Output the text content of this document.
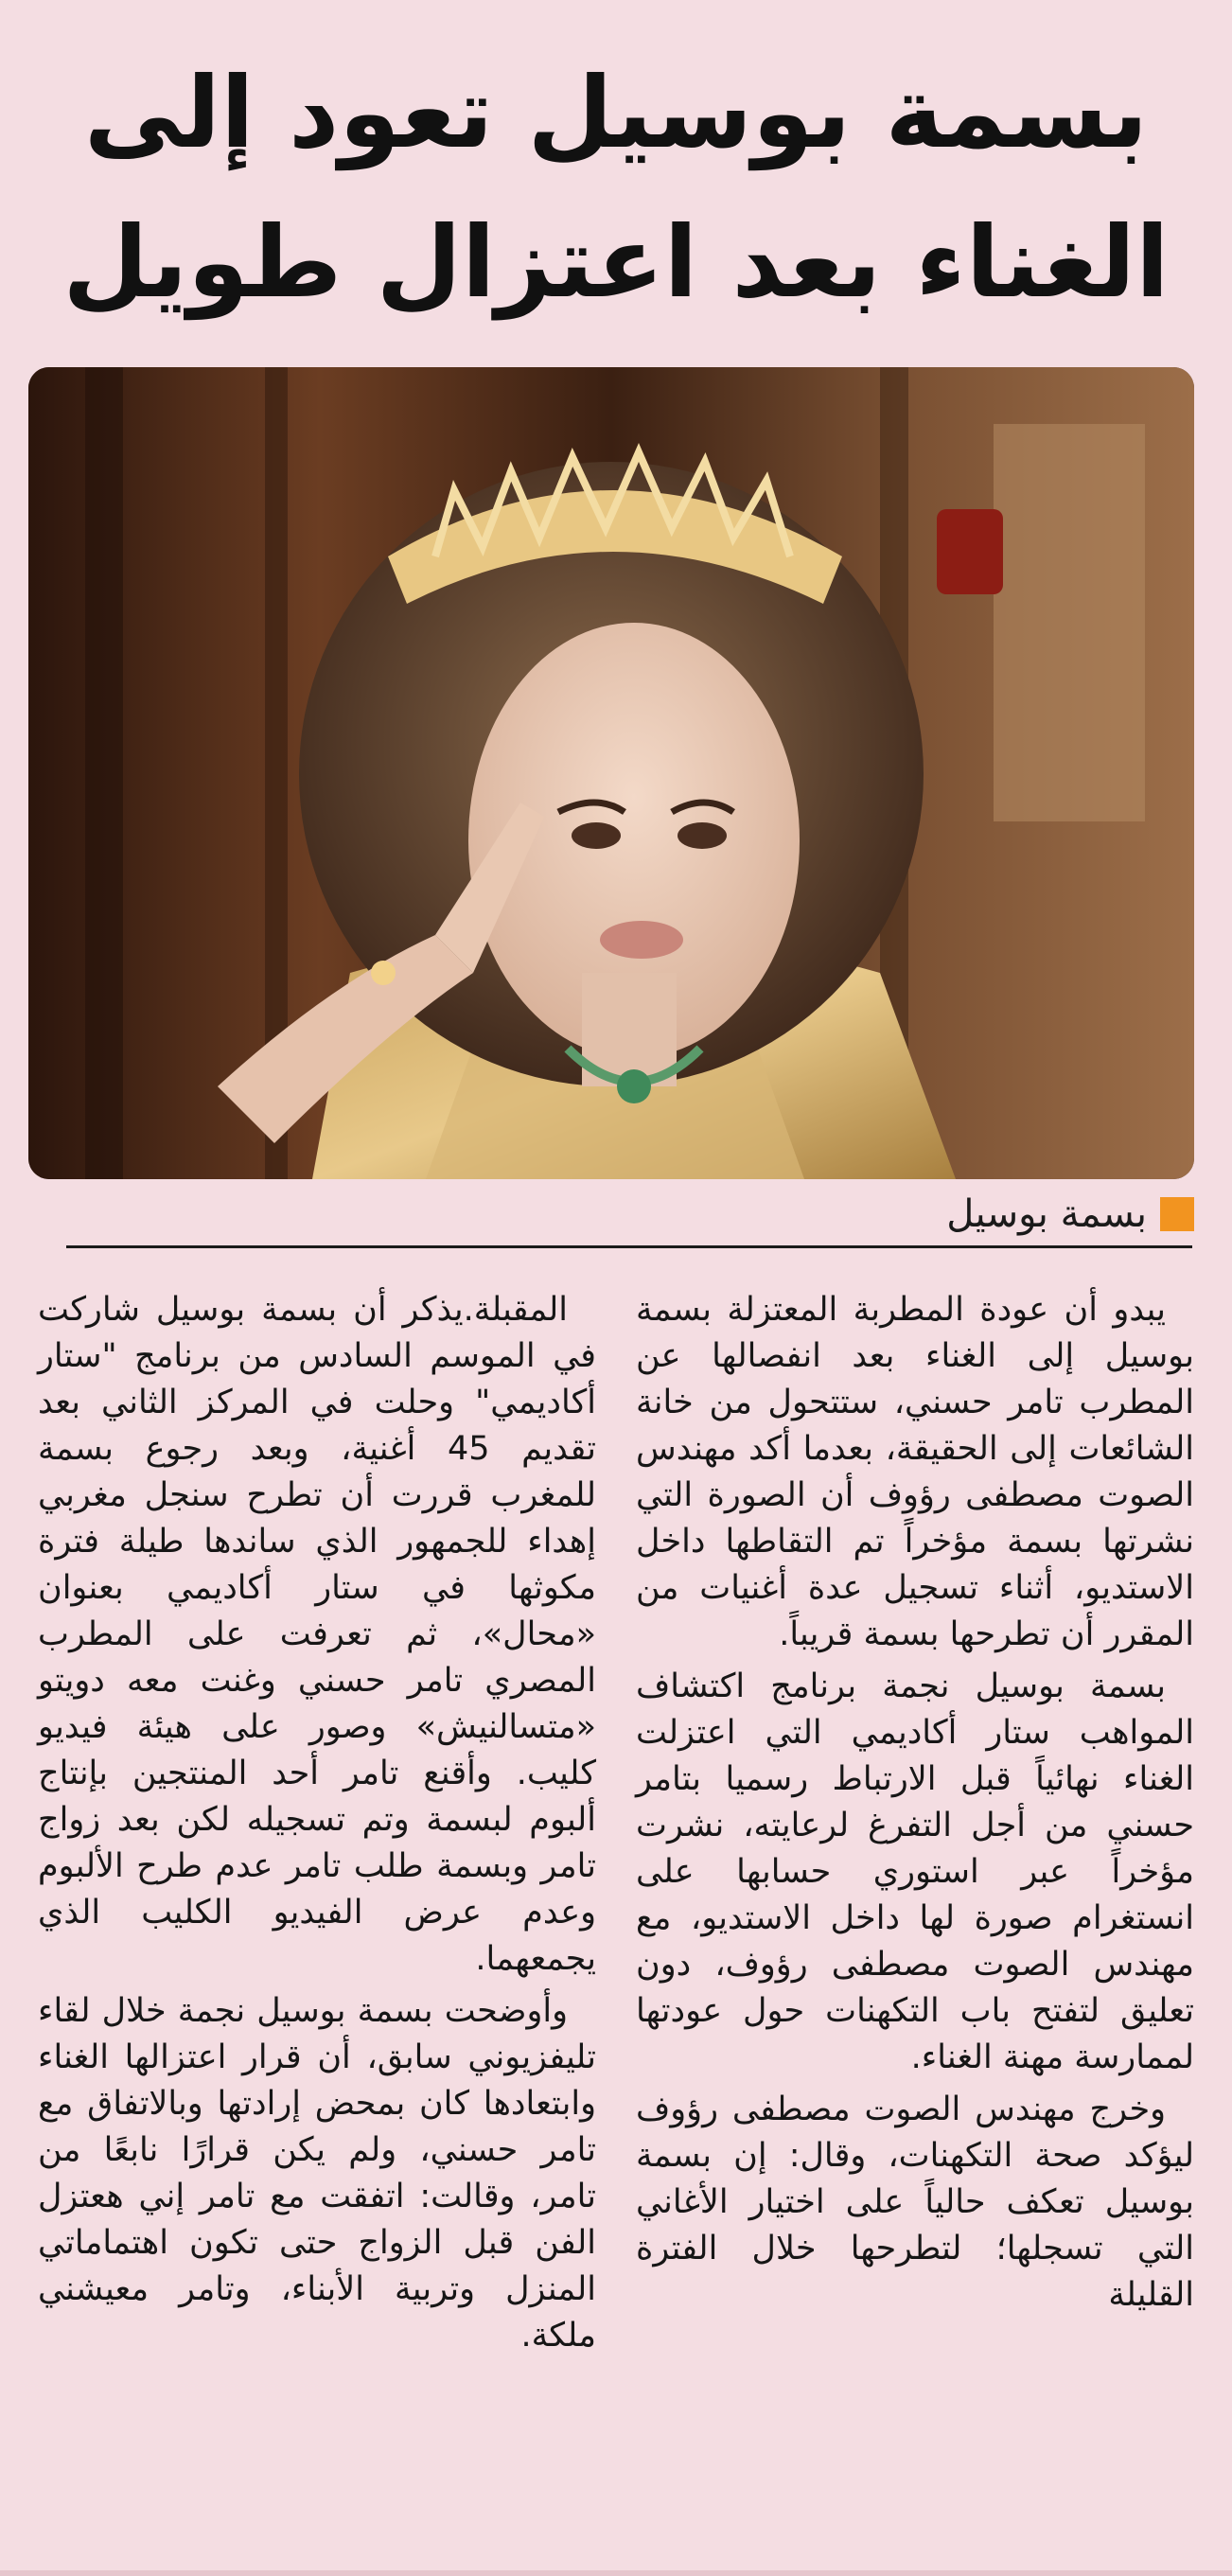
بسمة بوسيل تعود إلى الغناء بعد اعتزال طويل
بسمة بوسيل

يبدو أن عودة المطربة المعتزلة بسمة بوسيل إلى الغناء بعد انفصالها عن المطرب تامر حسني، ستتحول من خانة الشائعات إلى الحقيقة، بعدما أكد مهندس الصوت مصطفى رؤوف أن الصورة التي نشرتها بسمة مؤخراً تم التقاطها داخل الاستديو، أثناء تسجيل عدة أغنيات من المقرر أن تطرحها بسمة قريباً.

بسمة بوسيل نجمة برنامج اكتشاف المواهب ستار أكاديمي التي اعتزلت الغناء نهائياً قبل الارتباط رسميا بتامر حسني من أجل التفرغ لرعايته، نشرت مؤخراً عبر استوري حسابها على انستغرام صورة لها داخل الاستديو، مع مهندس الصوت مصطفى رؤوف، دون تعليق لتفتح باب التكهنات حول عودتها لممارسة مهنة الغناء.

وخرج مهندس الصوت مصطفى رؤوف ليؤكد صحة التكهنات، وقال: إن بسمة بوسيل تعكف حالياً على اختيار الأغاني التي تسجلها؛ لتطرحها خلال الفترة القليلة

المقبلة.يذكر أن بسمة بوسيل شاركت في الموسم السادس من برنامج "ستار أكاديمي" وحلت في المركز الثاني بعد تقديم 45 أغنية، وبعد رجوع بسمة للمغرب قررت أن تطرح سنجل مغربي إهداء للجمهور الذي ساندها طيلة فترة مكوثها في ستار أكاديمي بعنوان «محال»، ثم تعرفت على المطرب المصري تامر حسني وغنت معه دويتو «متسالنيش» وصور على هيئة فيديو كليب. وأقنع تامر أحد المنتجين بإنتاج ألبوم لبسمة وتم تسجيله لكن بعد زواج تامر وبسمة طلب تامر عدم طرح الألبوم وعدم عرض الفيديو الكليب الذي يجمعهما.

وأوضحت بسمة بوسيل نجمة خلال لقاء تليفزيوني سابق، أن قرار اعتزالها الغناء وابتعادها كان بمحض إرادتها وبالاتفاق مع تامر حسني، ولم يكن قرارًا نابعًا من تامر، وقالت: اتفقت مع تامر إني هعتزل الفن قبل الزواج حتى تكون اهتماماتي المنزل وتربية الأبناء، وتامر معيشني ملكة.
